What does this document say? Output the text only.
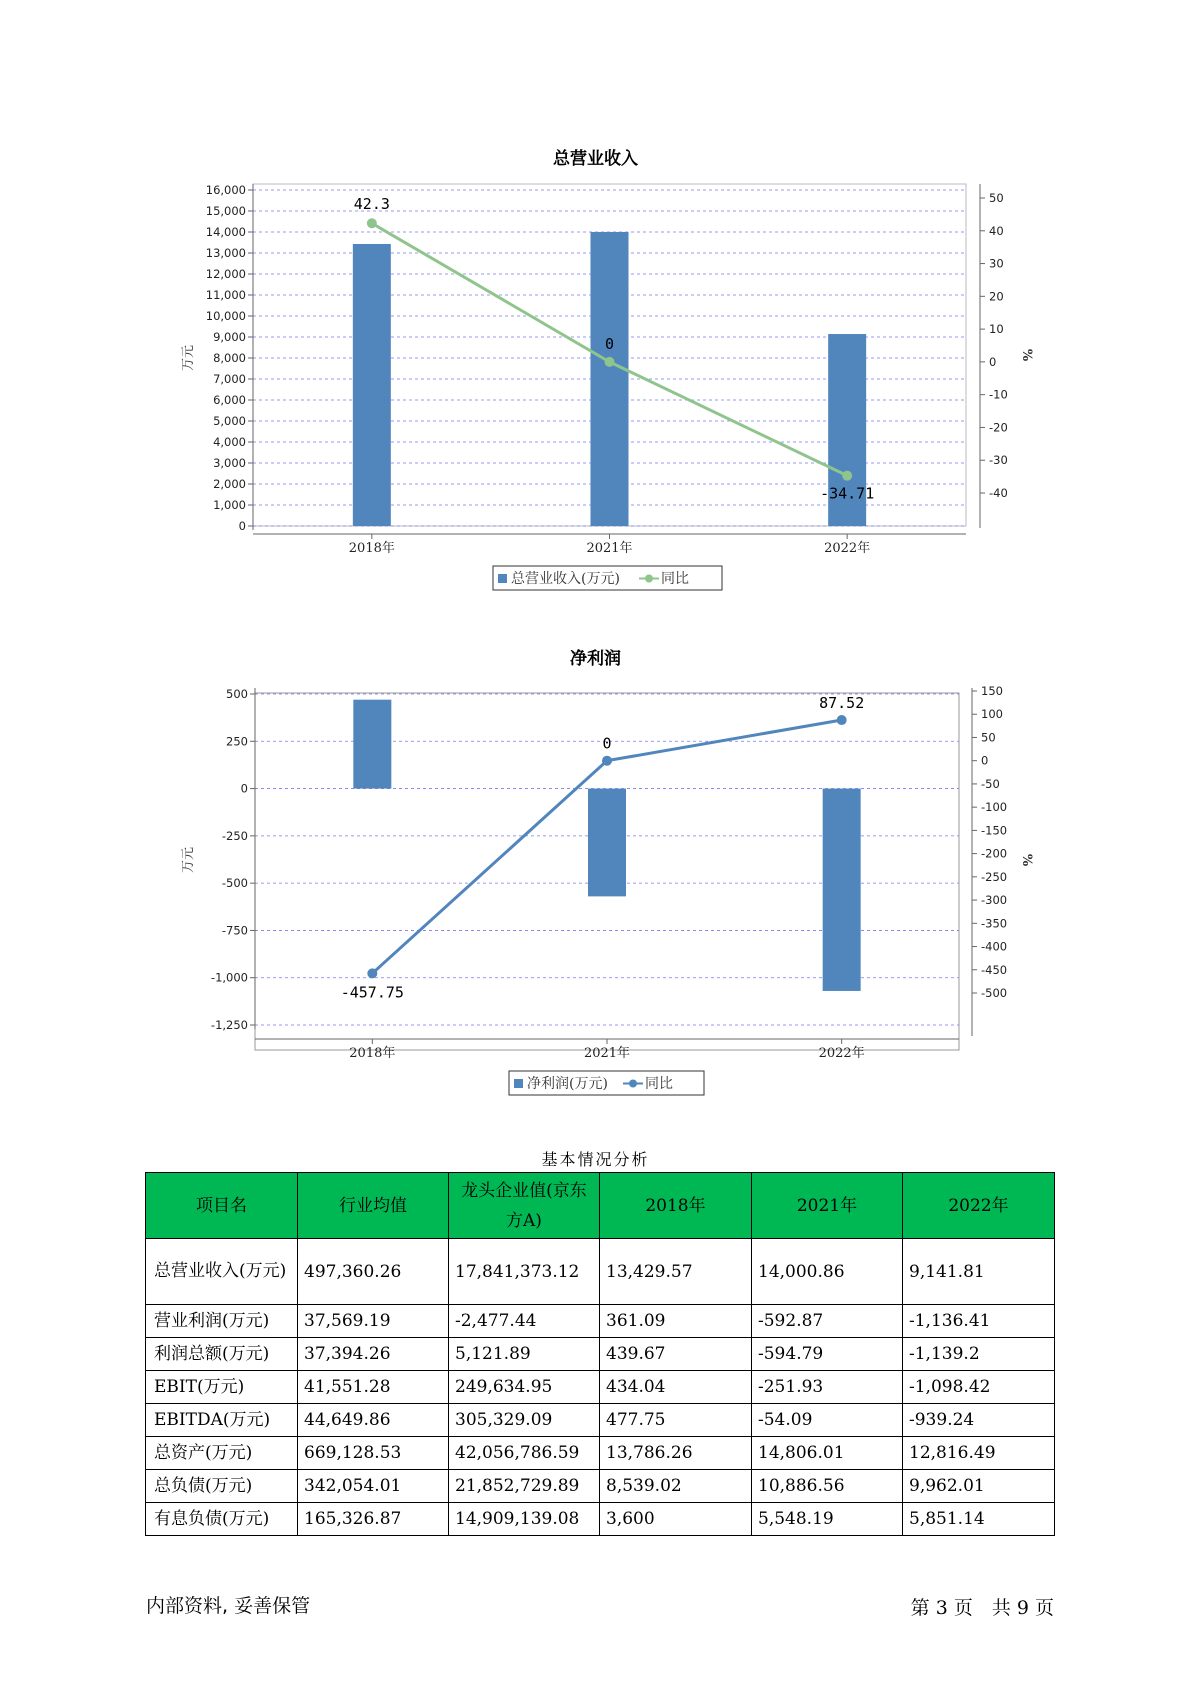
总营业收入
0
1,000
2,000
3,000
4,000
5,000
6,000
7,000
8,000
9,000
10,000
11,000
12,000
13,000
14,000
15,000
16,000
50
40
30
20
10
0
-10
-20
-30
-40
2018年	2021年	2022年
万元	%
42.3
0
-34.71
总营业收入(万元)	同比
净利润
500
250
0
-250
-500
-750
-1,000
-1,250
150
100
50
0
-50
-100
-150
-200
-250
-300
-350
-400
-450
-500
2018年	2021年	2022年
万元	%
-457.75
0
87.52
净利润(万元)	同比
基本情况分析
项目名	行业均值	龙头企业值(京东方A)	2018年	2021年	2022年
总营业收入(万元)	497,360.26	17,841,373.12	13,429.57	14,000.86	9,141.81
营业利润(万元)	37,569.19	-2,477.44	361.09	-592.87	-1,136.41
利润总额(万元)	37,394.26	5,121.89	439.67	-594.79	-1,139.2
EBIT(万元)	41,551.28	249,634.95	434.04	-251.93	-1,098.42
EBITDA(万元)	44,649.86	305,329.09	477.75	-54.09	-939.24
总资产(万元)	669,128.53	42,056,786.59	13,786.26	14,806.01	12,816.49
总负债(万元)	342,054.01	21,852,729.89	8,539.02	10,886.56	9,962.01
有息负债(万元)	165,326.87	14,909,139.08	3,600	5,548.19	5,851.14
内部资料, 妥善保管	第 3 页　共 9 页
